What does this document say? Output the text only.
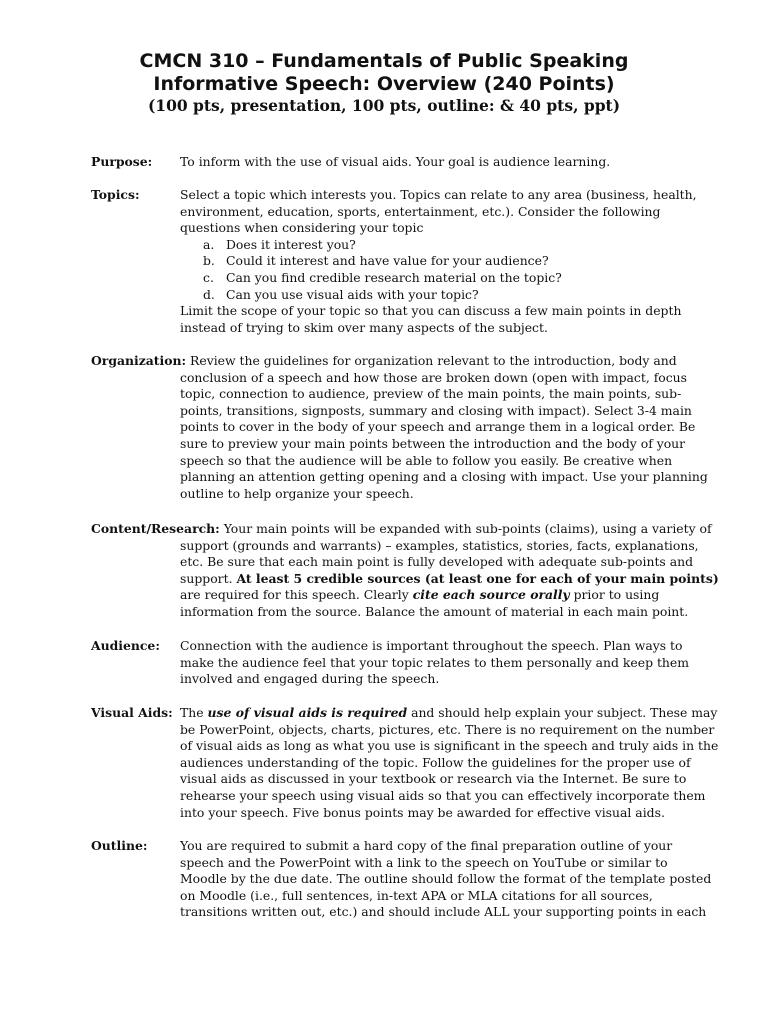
CMCN 310 – Fundamentals of Public Speaking
Informative Speech: Overview (240 Points)
(100 pts, presentation, 100 pts, outline: & 40 pts, ppt)
Purpose: To inform with the use of visual aids. Your goal is audience learning.
Topics:	Select a topic which interests you. Topics can relate to any area (business, health,
environment, education, sports, entertainment, etc.). Consider the following
questions when considering your topic
a. Does it interest you?
b. Could it interest and have value for your audience?
c. Can you find credible research material on the topic?
d. Can you use visual aids with your topic?
Limit the scope of your topic so that you can discuss a few main points in depth
instead of trying to skim over many aspects of the subject.
Organization: Review the guidelines for organization relevant to the introduction, body and
conclusion of a speech and how those are broken down (open with impact, focus
topic, connection to audience, preview of the main points, the main points, sub-
points, transitions, signposts, summary and closing with impact). Select 3-4 main
points to cover in the body of your speech and arrange them in a logical order. Be
sure to preview your main points between the introduction and the body of your
speech so that the audience will be able to follow you easily. Be creative when
planning an attention getting opening and a closing with impact. Use your planning
outline to help organize your speech.
Content/Research: Your main points will be expanded with sub-points (claims), using a variety of
support (grounds and warrants) – examples, statistics, stories, facts, explanations,
etc. Be sure that each main point is fully developed with adequate sub-points and
support. At least 5 credible sources (at least one for each of your main points)
are required for this speech. Clearly cite each source orally prior to using
information from the source. Balance the amount of material in each main point.
Audience: Connection with the audience is important throughout the speech. Plan ways to
make the audience feel that your topic relates to them personally and keep them
involved and engaged during the speech.
Visual Aids: The use of visual aids is required and should help explain your subject. These may
be PowerPoint, objects, charts, pictures, etc. There is no requirement on the number
of visual aids as long as what you use is significant in the speech and truly aids in the
audiences understanding of the topic. Follow the guidelines for the proper use of
visual aids as discussed in your textbook or research via the Internet. Be sure to
rehearse your speech using visual aids so that you can effectively incorporate them
into your speech. Five bonus points may be awarded for effective visual aids.
Outline:	You are required to submit a hard copy of the final preparation outline of your
speech and the PowerPoint with a link to the speech on YouTube or similar to
Moodle by the due date. The outline should follow the format of the template posted
on Moodle (i.e., full sentences, in-text APA or MLA citations for all sources,
transitions written out, etc.) and should include ALL your supporting points in each
